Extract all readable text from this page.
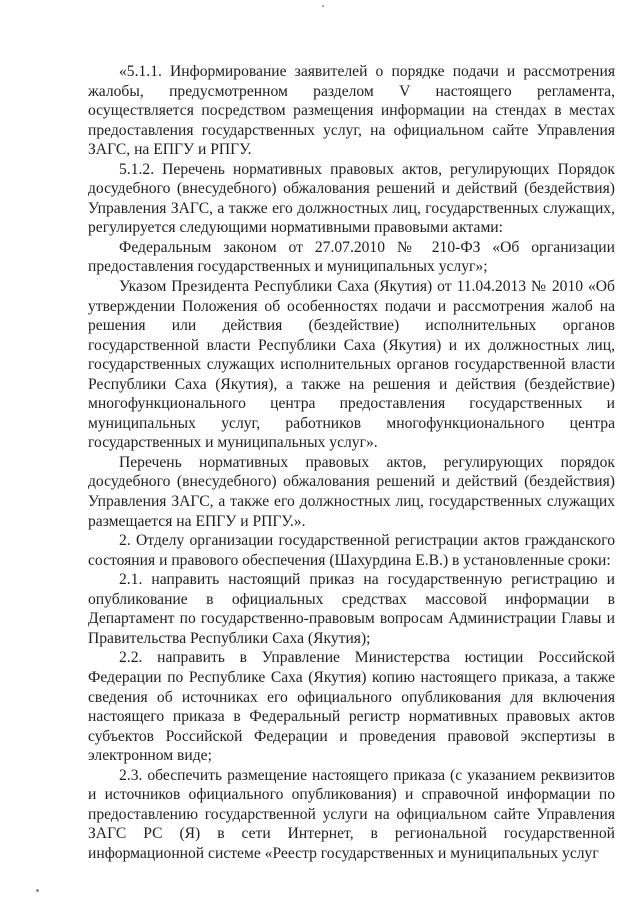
«5.1.1. Информирование заявителей о порядке подачи и рассмотрения жалобы, предусмотренном разделом V настоящего регламента, осуществляется посредством размещения информации на стендах в местах предоставления государственных услуг, на официальном сайте Управления ЗАГС, на ЕПГУ и РПГУ.

5.1.2. Перечень нормативных правовых актов, регулирующих Порядок досудебного (внесудебного) обжалования решений и действий (бездействия) Управления ЗАГС, а также его должностных лиц, государственных служащих, регулируется следующими нормативными правовыми актами:

Федеральным законом от 27.07.2010 № 210-ФЗ «Об организации предоставления государственных и муниципальных услуг»;

Указом Президента Республики Саха (Якутия) от 11.04.2013 № 2010 «Об утверждении Положения об особенностях подачи и рассмотрения жалоб на решения или действия (бездействие) исполнительных органов государственной власти Республики Саха (Якутия) и их должностных лиц, государственных служащих исполнительных органов государственной власти Республики Саха (Якутия), а также на решения и действия (бездействие) многофункционального центра предоставления государственных и муниципальных услуг, работников многофункционального центра государственных и муниципальных услуг».

Перечень нормативных правовых актов, регулирующих порядок досудебного (внесудебного) обжалования решений и действий (бездействия) Управления ЗАГС, а также его должностных лиц, государственных служащих размещается на ЕПГУ и РПГУ.».

2. Отделу организации государственной регистрации актов гражданского состояния и правового обеспечения (Шахурдина Е.В.) в установленные сроки:

2.1. направить настоящий приказ на государственную регистрацию и опубликование в официальных средствах массовой информации в Департамент по государственно-правовым вопросам Администрации Главы и Правительства Республики Саха (Якутия);

2.2. направить в Управление Министерства юстиции Российской Федерации по Республике Саха (Якутия) копию настоящего приказа, а также сведения об источниках его официального опубликования для включения настоящего приказа в Федеральный регистр нормативных правовых актов субъектов Российской Федерации и проведения правовой экспертизы в электронном виде;

2.3. обеспечить размещение настоящего приказа (с указанием реквизитов и источников официального опубликования) и справочной информации по предоставлению государственной услуги на официальном сайте Управления ЗАГС РС (Я) в сети Интернет, в региональной государственной информационной системе «Реестр государственных и муниципальных услуг
